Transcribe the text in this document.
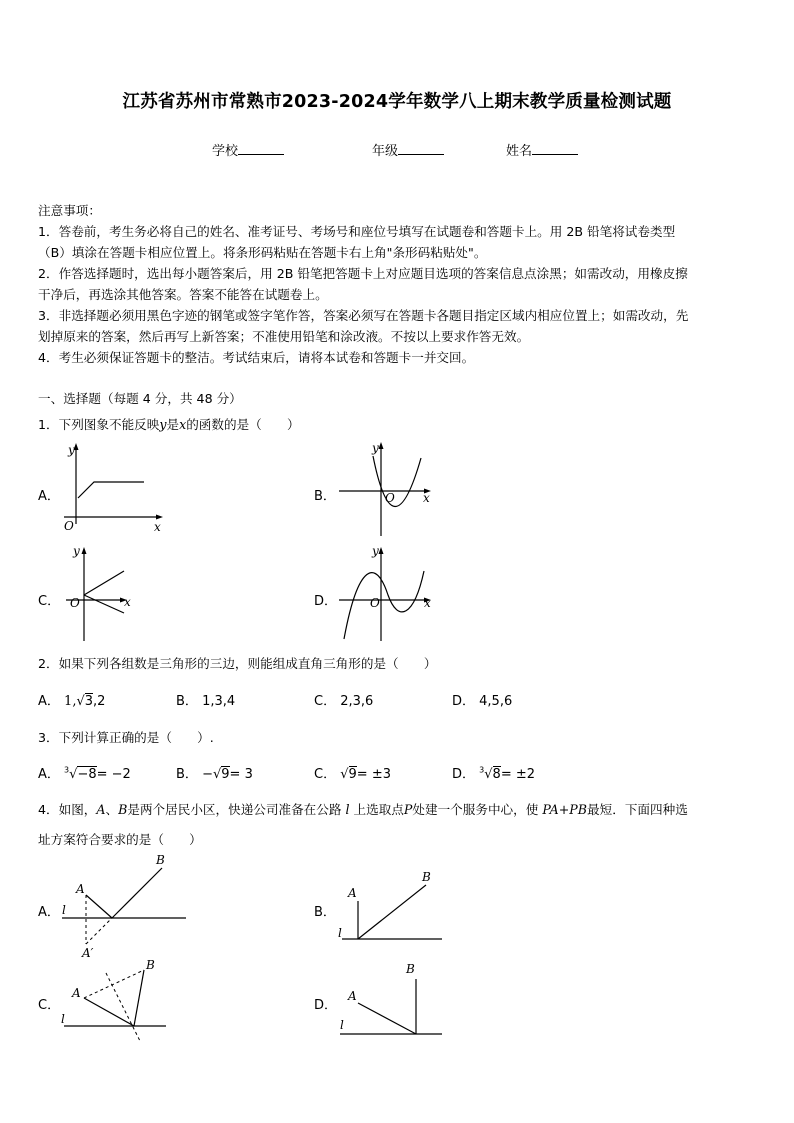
江苏省苏州市常熟市2023-2024学年数学八上期末教学质量检测试题
学校	年级	姓名
注意事项：
1．答卷前，考生务必将自己的姓名、准考证号、考场号和座位号填写在试题卷和答题卡上。用 2B 铅笔将试卷类型
（B）填涂在答题卡相应位置上。将条形码粘贴在答题卡右上角"条形码粘贴处"。
2．作答选择题时，选出每小题答案后，用 2B 铅笔把答题卡上对应题目选项的答案信息点涂黑；如需改动，用橡皮擦
干净后，再选涂其他答案。答案不能答在试题卷上。
3．非选择题必须用黑色字迹的钢笔或签字笔作答，答案必须写在答题卡各题目指定区域内相应位置上；如需改动，先
划掉原来的答案，然后再写上新答案；不准使用铅笔和涂改液。不按以上要求作答无效。
4．考生必须保证答题卡的整洁。考试结束后，请将本试卷和答题卡一并交回。
一、选择题（每题 4 分，共 48 分）
1．下列图象不能反映y是x的函数的是（　　）
A．
y
x
O
B．
y
x
O
C．
y
x
O	D．
y
x
O
2．如果下列各组数是三角形的三边，则能组成直角三角形的是（　　）
A． 1,√3,2	B． 1,3,4	C． 2,3,6	D． 4,5,6
3．下列计算正确的是（　　）.
A． $^3$√−8= −2	B． −√9= 3	C． √9= ±3	D． $^3$√8= ±2
4．如图，A、B是两个居民小区，快递公司准备在公路 l 上选取点P处建一个服务中心，使 PA+PB最短．下面四种选
址方案符合要求的是（　　）
A．
A
B
l
A′
B．
A
B
l
C．
A
B
l
D．
A
B
l
